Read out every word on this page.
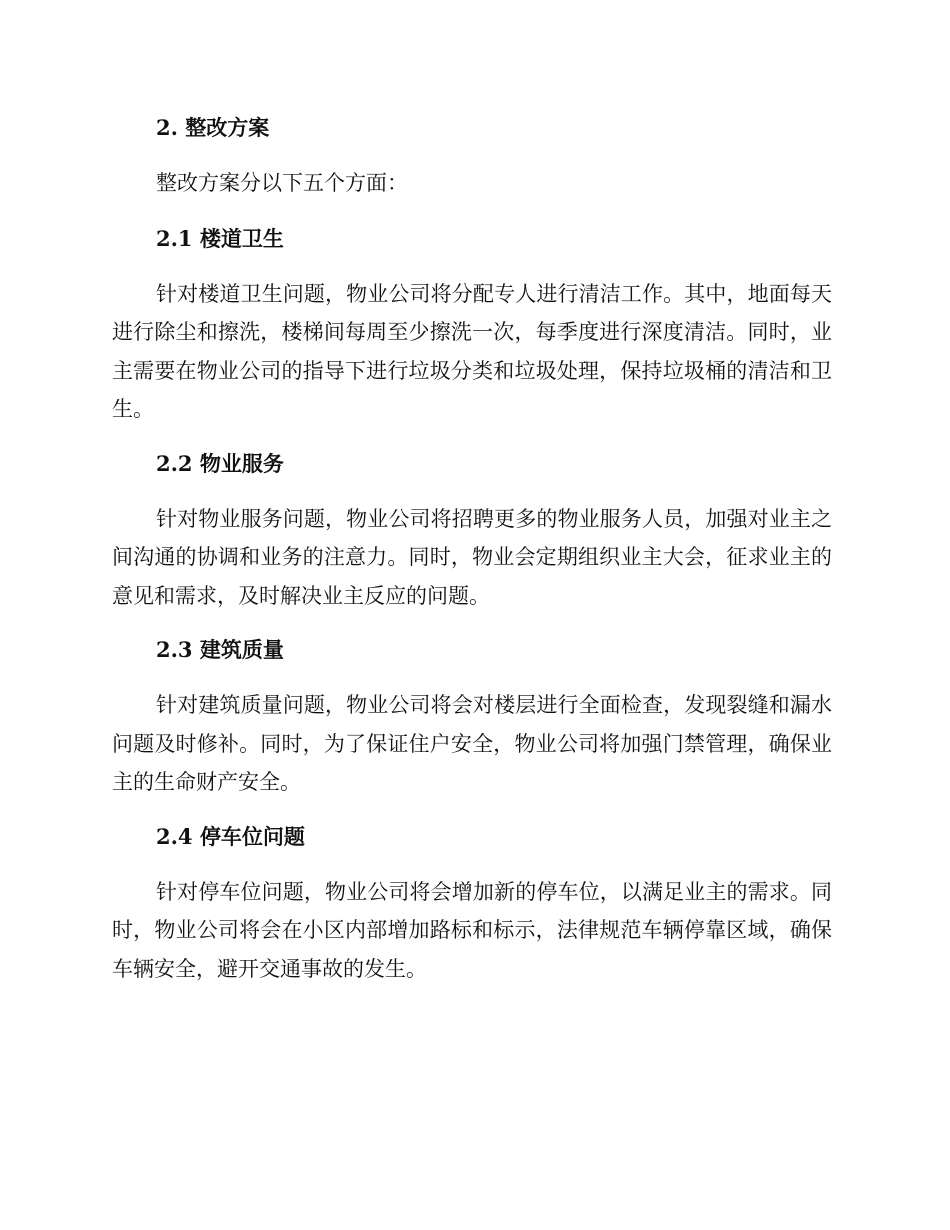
2. 整改方案

整改方案分以下五个方面：

2.1 楼道卫生

针对楼道卫生问题，物业公司将分配专人进行清洁工作。其中，地面每天进行除尘和擦洗，楼梯间每周至少擦洗一次，每季度进行深度清洁。同时，业主需要在物业公司的指导下进行垃圾分类和垃圾处理，保持垃圾桶的清洁和卫生。

2.2 物业服务

针对物业服务问题，物业公司将招聘更多的物业服务人员，加强对业主之间沟通的协调和业务的注意力。同时，物业会定期组织业主大会，征求业主的意见和需求，及时解决业主反应的问题。

2.3 建筑质量

针对建筑质量问题，物业公司将会对楼层进行全面检查，发现裂缝和漏水问题及时修补。同时，为了保证住户安全，物业公司将加强门禁管理，确保业主的生命财产安全。

2.4 停车位问题

针对停车位问题，物业公司将会增加新的停车位，以满足业主的需求。同时，物业公司将会在小区内部增加路标和标示，法律规范车辆停靠区域，确保车辆安全，避开交通事故的发生。
